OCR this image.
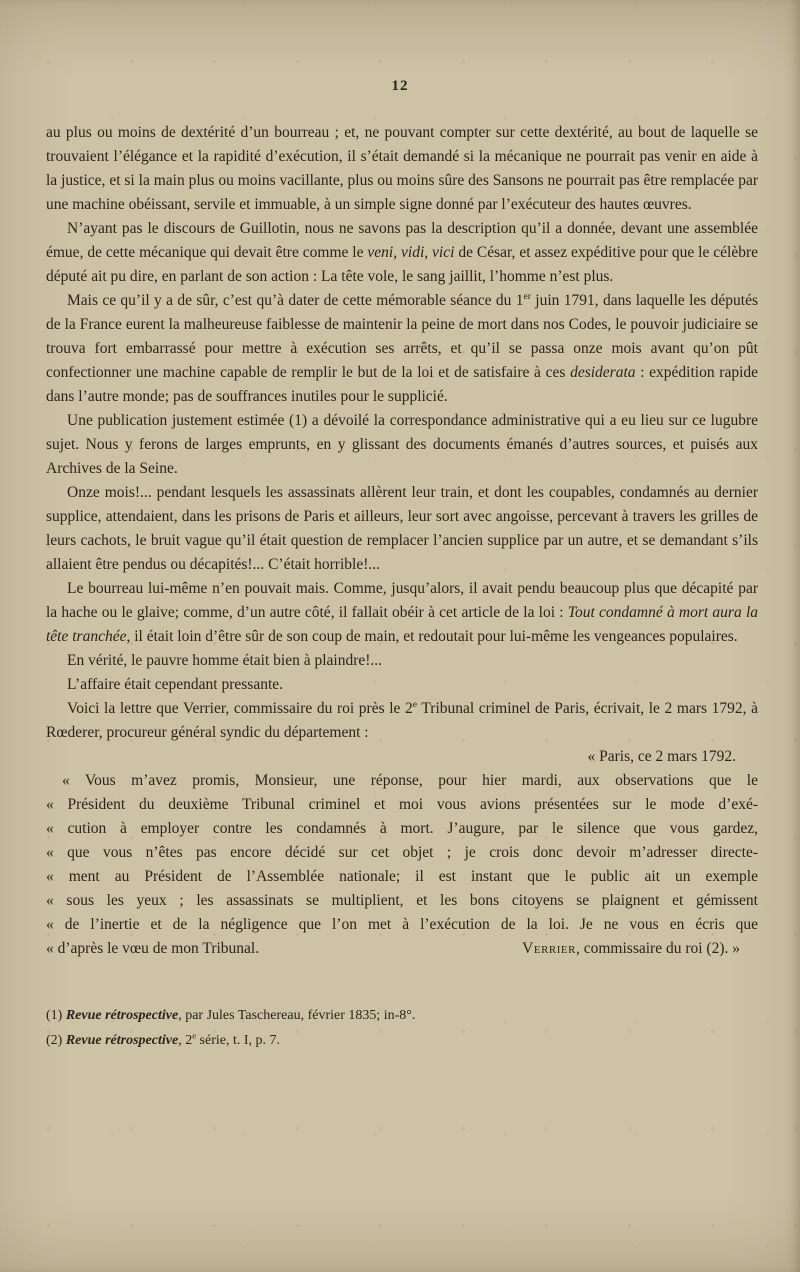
12

au plus ou moins de dextérité d’un bourreau ; et, ne pouvant compter sur cette dextérité, au bout de laquelle se trouvaient l’élégance et la rapidité d’exécution, il s’était demandé si la mécanique ne pourrait pas venir en aide à la justice, et si la main plus ou moins vacillante, plus ou moins sûre des Sansons ne pourrait pas être remplacée par une machine obéissant, servile et immuable, à un simple signe donné par l’exécuteur des hautes œuvres.

N’ayant pas le discours de Guillotin, nous ne savons pas la description qu’il a donnée, devant une assemblée émue, de cette mécanique qui devait être comme le veni, vidi, vici de César, et assez expéditive pour que le célèbre député ait pu dire, en parlant de son action : La tête vole, le sang jaillit, l’homme n’est plus.

Mais ce qu’il y a de sûr, c’est qu’à dater de cette mémorable séance du 1er juin 1791, dans laquelle les députés de la France eurent la malheureuse faiblesse de maintenir la peine de mort dans nos Codes, le pouvoir judiciaire se trouva fort embarrassé pour mettre à exécution ses arrêts, et qu’il se passa onze mois avant qu’on pût confectionner une machine capable de remplir le but de la loi et de satisfaire à ces desiderata : expédition rapide dans l’autre monde; pas de souffrances inutiles pour le supplicié.

Une publication justement estimée (1) a dévoilé la correspondance administrative qui a eu lieu sur ce lugubre sujet. Nous y ferons de larges emprunts, en y glissant des documents émanés d’autres sources, et puisés aux Archives de la Seine.

Onze mois!... pendant lesquels les assassinats allèrent leur train, et dont les coupables, condamnés au dernier supplice, attendaient, dans les prisons de Paris et ailleurs, leur sort avec angoisse, percevant à travers les grilles de leurs cachots, le bruit vague qu’il était question de remplacer l’ancien supplice par un autre, et se demandant s’ils allaient être pendus ou décapités!... C’était horrible!...

Le bourreau lui-même n’en pouvait mais. Comme, jusqu’alors, il avait pendu beaucoup plus que décapité par la hache ou le glaive; comme, d’un autre côté, il fallait obéir à cet article de la loi : Tout condamné à mort aura la tête tranchée, il était loin d’être sûr de son coup de main, et redoutait pour lui-même les vengeances populaires.

En vérité, le pauvre homme était bien à plaindre!...

L’affaire était cependant pressante.

Voici la lettre que Verrier, commissaire du roi près le 2e Tribunal criminel de Paris, écrivait, le 2 mars 1792, à Rœderer, procureur général syndic du département :

« Paris, ce 2 mars 1792.
« Vous m’avez promis, Monsieur, une réponse, pour hier mardi, aux observations que le
« Président du deuxième Tribunal criminel et moi vous avions présentées sur le mode d’exé-
« cution à employer contre les condamnés à mort. J’augure, par le silence que vous gardez,
« que vous n’êtes pas encore décidé sur cet objet ; je crois donc devoir m’adresser directe-
« ment au Président de l’Assemblée nationale; il est instant que le public ait un exemple
« sous les yeux ; les assassinats se multiplient, et les bons citoyens se plaignent et gémissent
« de l’inertie et de la négligence que l’on met à l’exécution de la loi. Je ne vous en écris que
« d’après le vœu de mon Tribunal.	Verrier, commissaire du roi (2). »

(1) Revue rétrospective, par Jules Taschereau, février 1835; in-8°.

(2) Revue rétrospective, 2e série, t. I, p. 7.
